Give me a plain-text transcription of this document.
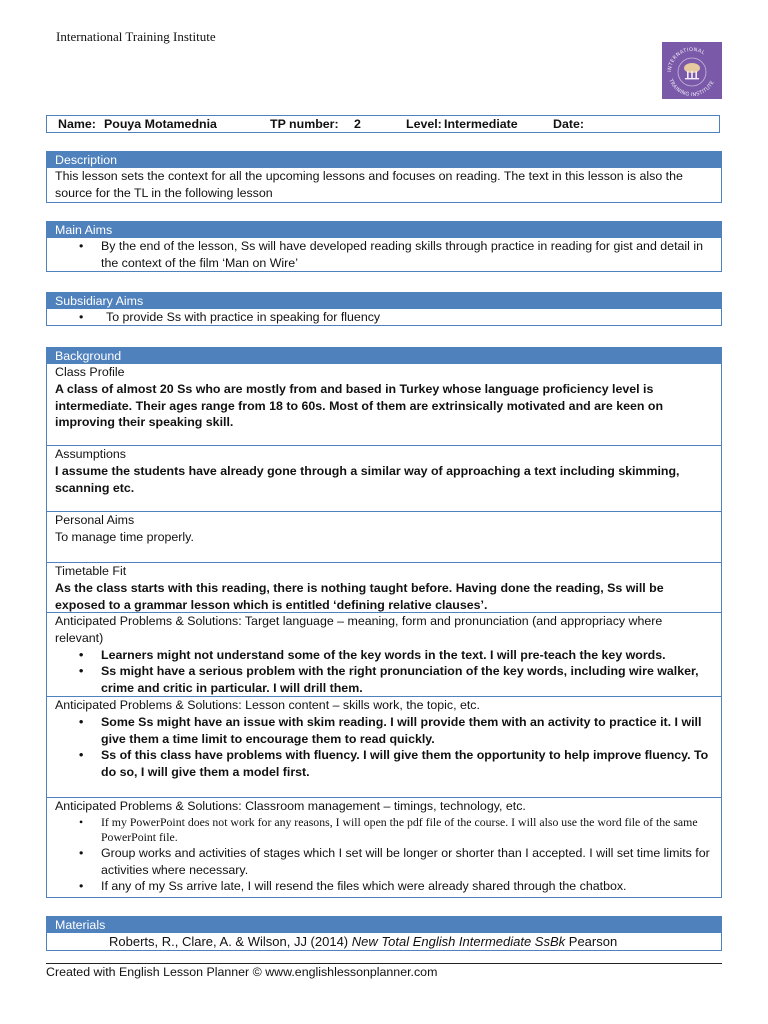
International Training Institute
INTERNATIONAL
TRAINING INSTITUTE
Name: Pouya Motamednia	TP number: 2	Level: Intermediate	Date:
Description
This lesson sets the context for all the upcoming lessons and focuses on reading. The text in this lesson is also the source for the TL in the following lesson
Main Aims
• By the end of the lesson, Ss will have developed reading skills through practice in reading for gist and detail in the context of the film ‘Man on Wire’
Subsidiary Aims
• To provide Ss with practice in speaking for fluency
Background
Class Profile
A class of almost 20 Ss who are mostly from and based in Turkey whose language proficiency level is intermediate. Their ages range from 18 to 60s. Most of them are extrinsically motivated and are keen on improving their speaking skill.
Assumptions
I assume the students have already gone through a similar way of approaching a text including skimming, scanning etc.
Personal Aims
To manage time properly.
Timetable Fit
As the class starts with this reading, there is nothing taught before. Having done the reading, Ss will be exposed to a grammar lesson which is entitled ‘defining relative clauses’.
Anticipated Problems & Solutions: Target language – meaning, form and pronunciation (and appropriacy where relevant)
• Learners might not understand some of the key words in the text. I will pre-teach the key words.
• Ss might have a serious problem with the right pronunciation of the key words, including wire walker, crime and critic in particular. I will drill them.
Anticipated Problems & Solutions: Lesson content – skills work, the topic, etc.
• Some Ss might have an issue with skim reading. I will provide them with an activity to practice it. I will give them a time limit to encourage them to read quickly.
• Ss of this class have problems with fluency. I will give them the opportunity to help improve fluency. To do so, I will give them a model first.
Anticipated Problems & Solutions: Classroom management – timings, technology, etc.
• If my PowerPoint does not work for any reasons, I will open the pdf file of the course. I will also use the word file of the same PowerPoint file.
• Group works and activities of stages which I set will be longer or shorter than I accepted. I will set time limits for activities where necessary.
• If any of my Ss arrive late, I will resend the files which were already shared through the chatbox.
Materials
Roberts, R., Clare, A. & Wilson, JJ (2014) New Total English Intermediate SsBk Pearson
Created with English Lesson Planner © www.englishlessonplanner.com
